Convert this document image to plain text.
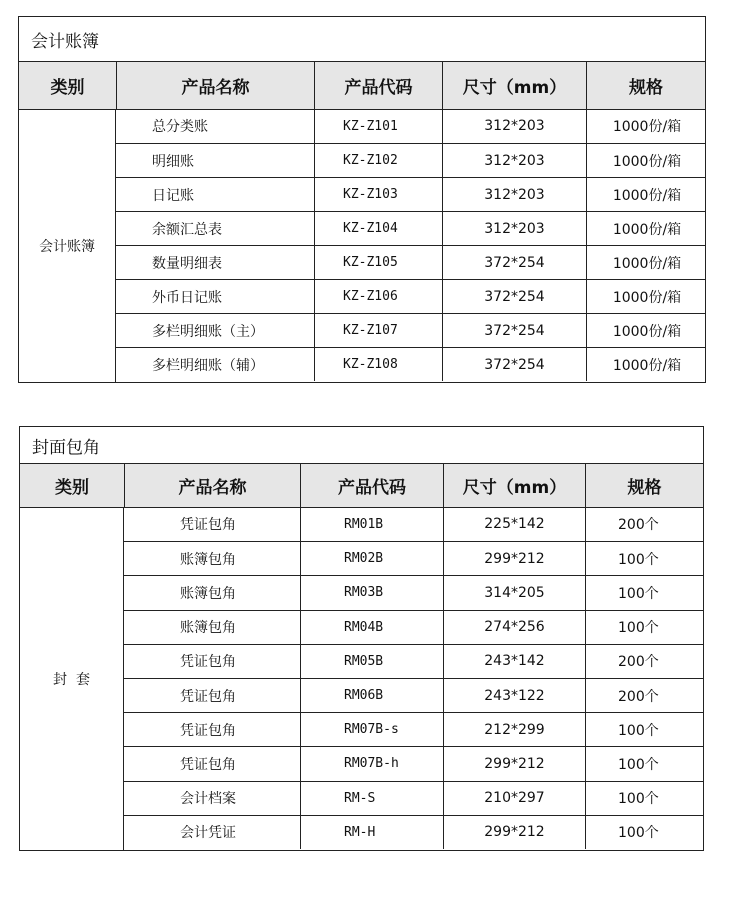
会计账簿
类别	产品名称	产品代码	尺寸（mm）	规格
会计账簿
总分类账	KZ-Z101	312*203	1000份/箱
明细账	KZ-Z102	312*203	1000份/箱
日记账	KZ-Z103	312*203	1000份/箱
余额汇总表	KZ-Z104	312*203	1000份/箱
数量明细表	KZ-Z105	372*254	1000份/箱
外币日记账	KZ-Z106	372*254	1000份/箱
多栏明细账（主）	KZ-Z107	372*254	1000份/箱
多栏明细账（辅）	KZ-Z108	372*254	1000份/箱
封面包角
类别	产品名称	产品代码	尺寸（mm）	规格
封  套
凭证包角	RM01B	225*142	200个
账簿包角	RM02B	299*212	100个
账簿包角	RM03B	314*205	100个
账簿包角	RM04B	274*256	100个
凭证包角	RM05B	243*142	200个
凭证包角	RM06B	243*122	200个
凭证包角	RM07B-s	212*299	100个
凭证包角	RM07B-h	299*212	100个
会计档案	RM-S	210*297	100个
会计凭证	RM-H	299*212	100个
